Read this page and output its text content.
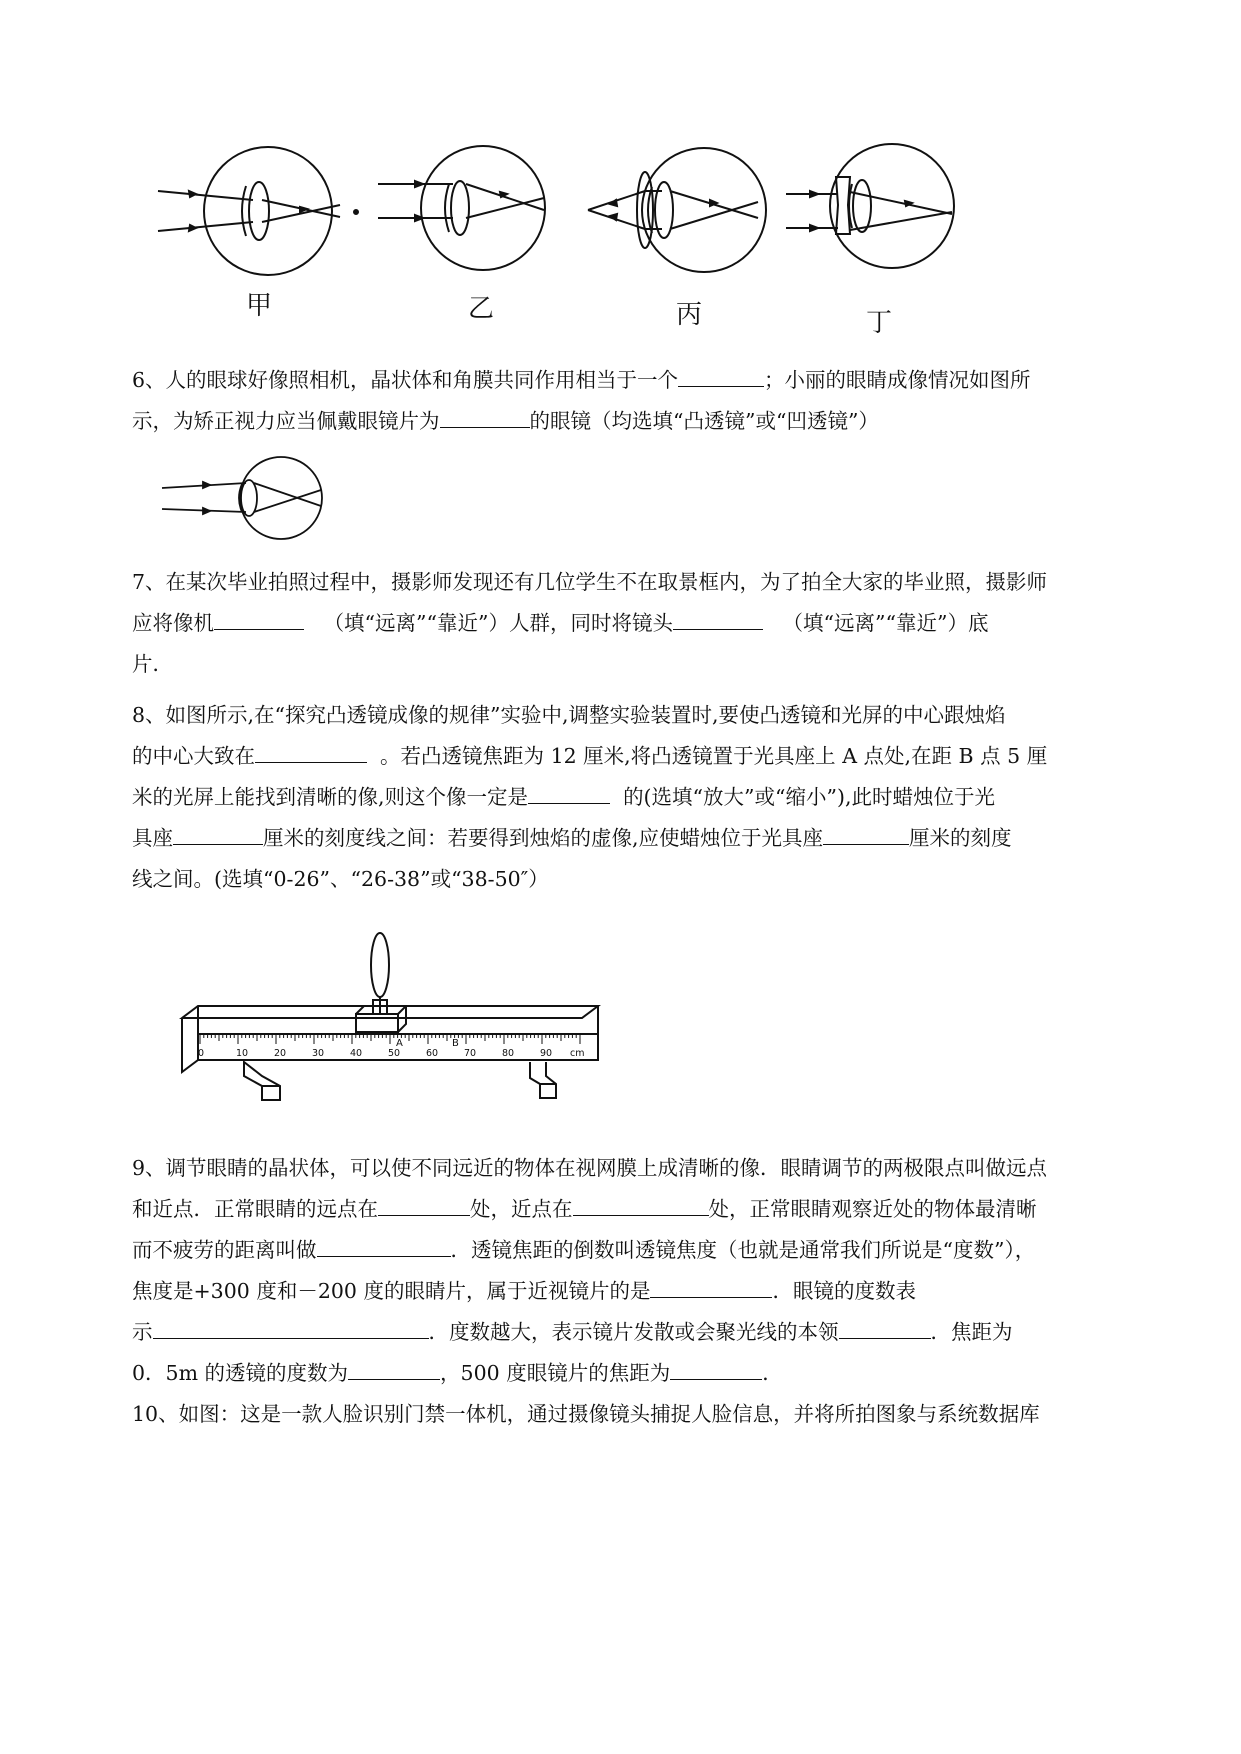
甲	乙	丙	丁
6、人的眼球好像照相机，晶状体和角膜共同作用相当于一个	；小丽的眼睛成像情况如图所
示，为矫正视力应当佩戴眼镜片为	的眼镜（均选填“凸透镜”或“凹透镜”）
7、在某次毕业拍照过程中，摄影师发现还有几位学生不在取景框内，为了拍全大家的毕业照，摄影师
应将像机	（填“远离”“靠近”）人群，同时将镜头	（填“远离”“靠近”）底
片．
8、如图所示,在“探究凸透镜成像的规律”实验中,调整实验装置时,要使凸透镜和光屏的中心跟烛焰
的中心大致在	。若凸透镜焦距为 12 厘米,将凸透镜置于光具座上 A 点处,在距 B 点 5 厘
米的光屏上能找到清晰的像,则这个像一定是	的(选填“放大”或“缩小”),此时蜡烛位于光
具座	厘米的刻度线之间：若要得到烛焰的虚像,应使蜡烛位于光具座	厘米的刻度
线之间。(选填“0-26”、“26-38”或“38-50″）
0	10	20	30	40	50	60	70	80	90 cm
A	B
9、调节眼睛的晶状体，可以使不同远近的物体在视网膜上成清晰的像．眼睛调节的两极限点叫做远点
和近点．正常眼睛的远点在	处，近点在	处，正常眼睛观察近处的物体最清晰
而不疲劳的距离叫做	．透镜焦距的倒数叫透镜焦度（也就是通常我们所说是“度数”），
焦度是+300 度和－200 度的眼睛片，属于近视镜片的是	．眼镜的度数表
示	．度数越大，表示镜片发散或会聚光线的本领	．焦距为
0．5m 的透镜的度数为	，500 度眼镜片的焦距为	．
10、如图：这是一款人脸识别门禁一体机，通过摄像镜头捕捉人脸信息，并将所拍图象与系统数据库
